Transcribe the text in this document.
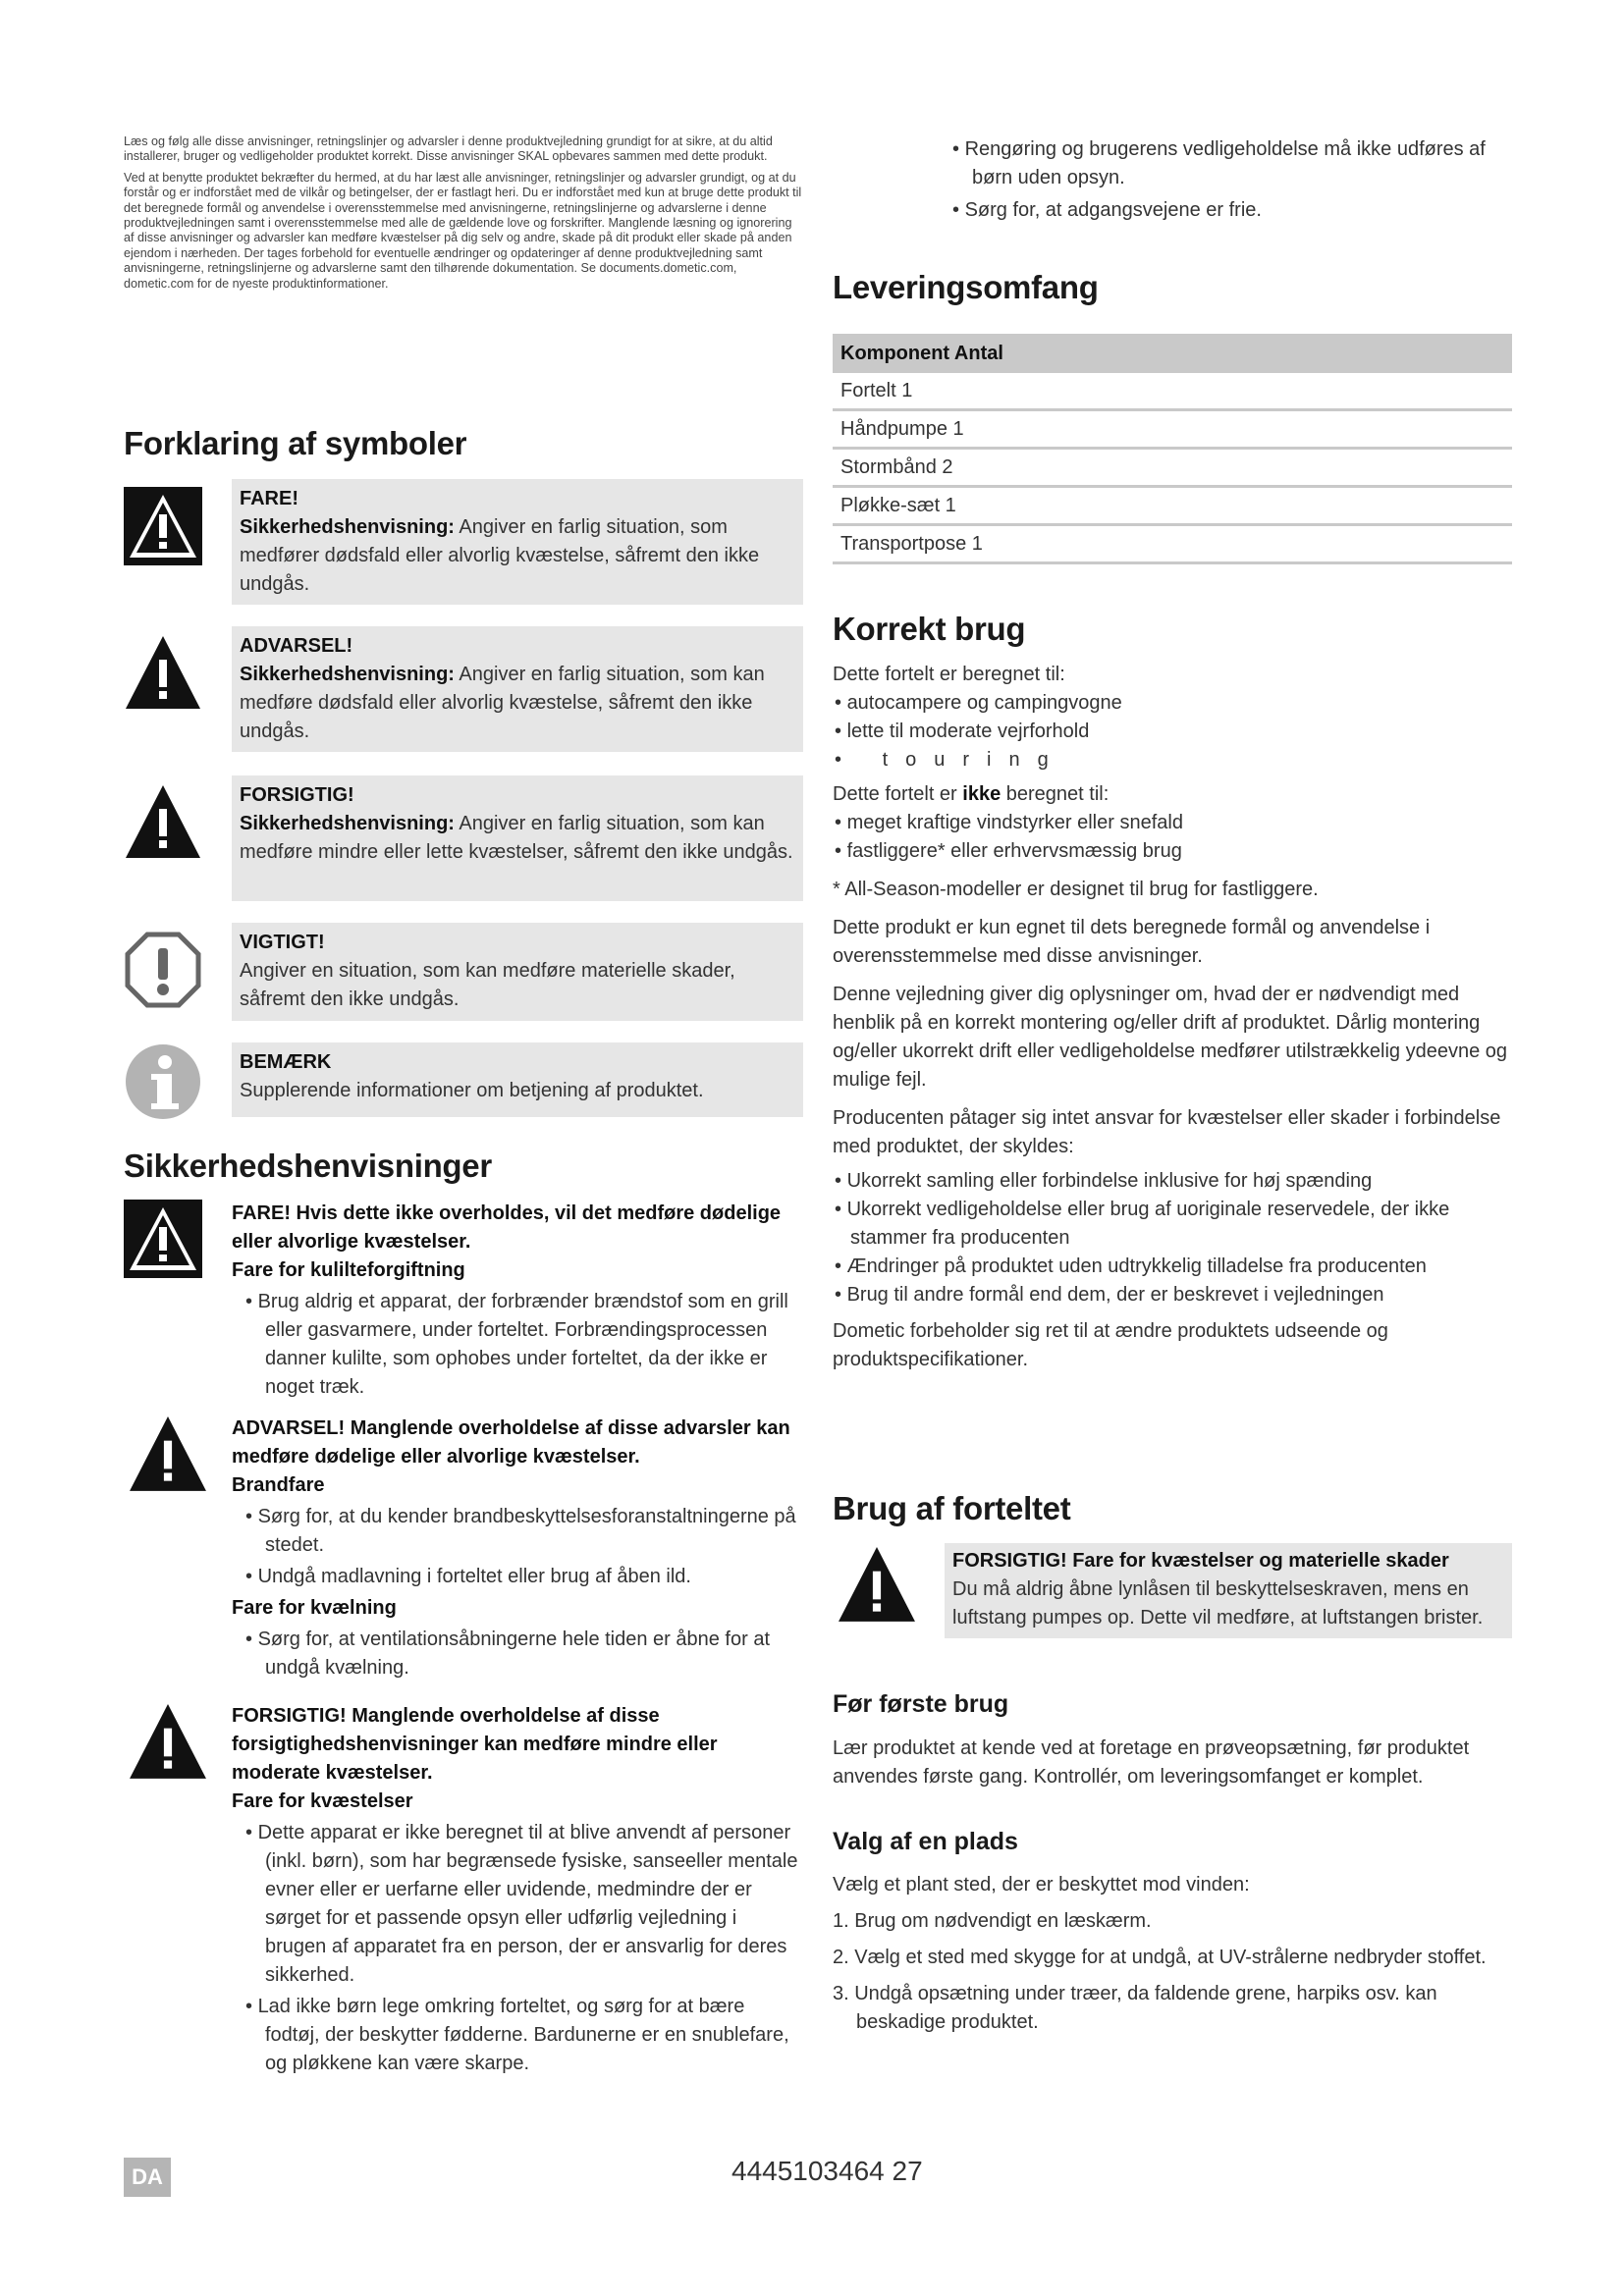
Læs og følg alle disse anvisninger, retningslinjer og advarsler i denne produktvejledning grundigt for at sikre, at du altid installerer, bruger og vedligeholder produktet korrekt. Disse anvisninger SKAL opbevares sammen med dette produkt.

Ved at benytte produktet bekræfter du hermed, at du har læst alle anvisninger, retningslinjer og advarsler grundigt, og at du forstår og er indforstået med de vilkår og betingelser, der er fastlagt heri. Du er indforstået med kun at bruge dette produkt til det beregnede formål og anvendelse i overensstemmelse med anvisningerne, retningslinjerne og advarslerne i denne produktvejledningen samt i overensstemmelse med alle de gældende love og forskrifter. Manglende læsning og ignorering af disse anvisninger og advarsler kan medføre kvæstelser på dig selv og andre, skade på dit produkt eller skade på anden ejendom i nærheden. Der tages forbehold for eventuelle ændringer og opdateringer af denne produktvejledning samt anvisningerne, retningslinjerne og advarslerne samt den tilhørende dokumentation. Se documents.dometic.com, dometic.com for de nyeste produktinformationer.

Forklaring af symboler
FARE!
Sikkerhedshenvisning: Angiver en farlig situation, som medfører dødsfald eller alvorlig kvæstelse, såfremt den ikke undgås.
ADVARSEL!
Sikkerhedshenvisning: Angiver en farlig situation, som kan medføre dødsfald eller alvorlig kvæstelse, såfremt den ikke undgås.
FORSIGTIG!
Sikkerhedshenvisning: Angiver en farlig situation, som kan medføre mindre eller lette kvæstelser, såfremt den ikke undgås.
VIGTIGT!
Angiver en situation, som kan medføre materielle skader, såfremt den ikke undgås.
BEMÆRK
Supplerende informationer om betjening af produktet.
Sikkerhedshenvisninger
FARE! Hvis dette ikke overholdes, vil det medføre dødelige eller alvorlige kvæstelser.
Fare for kulilteforgiftning
• Brug aldrig et apparat, der forbrænder brændstof som en grill eller gasvarmere, under forteltet. Forbrændingsprocessen danner kulilte, som ophobes under forteltet, da der ikke er noget træk.
ADVARSEL! Manglende overholdelse af disse advarsler kan medføre dødelige eller alvorlige kvæstelser.
Brandfare
• Sørg for, at du kender brandbeskyttelsesforanstaltningerne på stedet.
• Undgå madlavning i forteltet eller brug af åben ild.
Fare for kvælning
• Sørg for, at ventilationsåbningerne hele tiden er åbne for at undgå kvælning.
FORSIGTIG! Manglende overholdelse af disse forsigtighedshenvisninger kan medføre mindre eller moderate kvæstelser.
Fare for kvæstelser
• Dette apparat er ikke beregnet til at blive anvendt af personer (inkl. børn), som har begrænsede fysiske, sanseeller mentale evner eller er uerfarne eller uvidende, medmindre der er sørget for et passende opsyn eller udførlig vejledning i brugen af apparatet fra en person, der er ansvarlig for deres sikkerhed.
• Lad ikke børn lege omkring forteltet, og sørg for at bære fodtøj, der beskytter fødderne. Bardunerne er en snublefare, og pløkkene kan være skarpe.
• Rengøring og brugerens vedligeholdelse må ikke udføres af børn uden opsyn.
• Sørg for, at adgangsvejene er frie.
Leveringsomfang
Komponent Antal
Fortelt 1
Håndpumpe 1
Stormbånd 2
Pløkke-sæt 1
Transportpose 1
Korrekt brug

Dette fortelt er beregnet til:

• autocampere og campingvogne

• lette til moderate vejrforhold

• touring

Dette fortelt er ikke beregnet til:

• meget kraftige vindstyrker eller snefald

• fastliggere* eller erhvervsmæssig brug

* All-Season-modeller er designet til brug for fastliggere.

Dette produkt er kun egnet til dets beregnede formål og anvendelse i overensstemmelse med disse anvisninger.

Denne vejledning giver dig oplysninger om, hvad der er nødvendigt med henblik på en korrekt montering og/eller drift af produktet. Dårlig montering og/eller ukorrekt drift eller vedligeholdelse medfører utilstrækkelig ydeevne og mulige fejl.

Producenten påtager sig intet ansvar for kvæstelser eller skader i forbindelse med produktet, der skyldes:

• Ukorrekt samling eller forbindelse inklusive for høj spænding

• Ukorrekt vedligeholdelse eller brug af uoriginale reservedele, der ikke stammer fra producenten

• Ændringer på produktet uden udtrykkelig tilladelse fra producenten

• Brug til andre formål end dem, der er beskrevet i vejledningen

Dometic forbeholder sig ret til at ændre produktets udseende og produktspecifikationer.

Brug af forteltet
FORSIGTIG! Fare for kvæstelser og materielle skader
Du må aldrig åbne lynlåsen til beskyttelseskraven, mens en luftstang pumpes op. Dette vil medføre, at luftstangen brister.
Før første brug
Lær produktet at kende ved at foretage en prøveopsætning, før produktet anvendes første gang. Kontrollér, om leveringsomfanget er komplet.
Valg af en plads

Vælg et plant sted, der er beskyttet mod vinden:

1. Brug om nødvendigt en læskærm.

2. Vælg et sted med skygge for at undgå, at UV-strålerne nedbryder stoffet.

3. Undgå opsætning under træer, da faldende grene, harpiks osv. kan beskadige produktet.

DA	4445103464 27
